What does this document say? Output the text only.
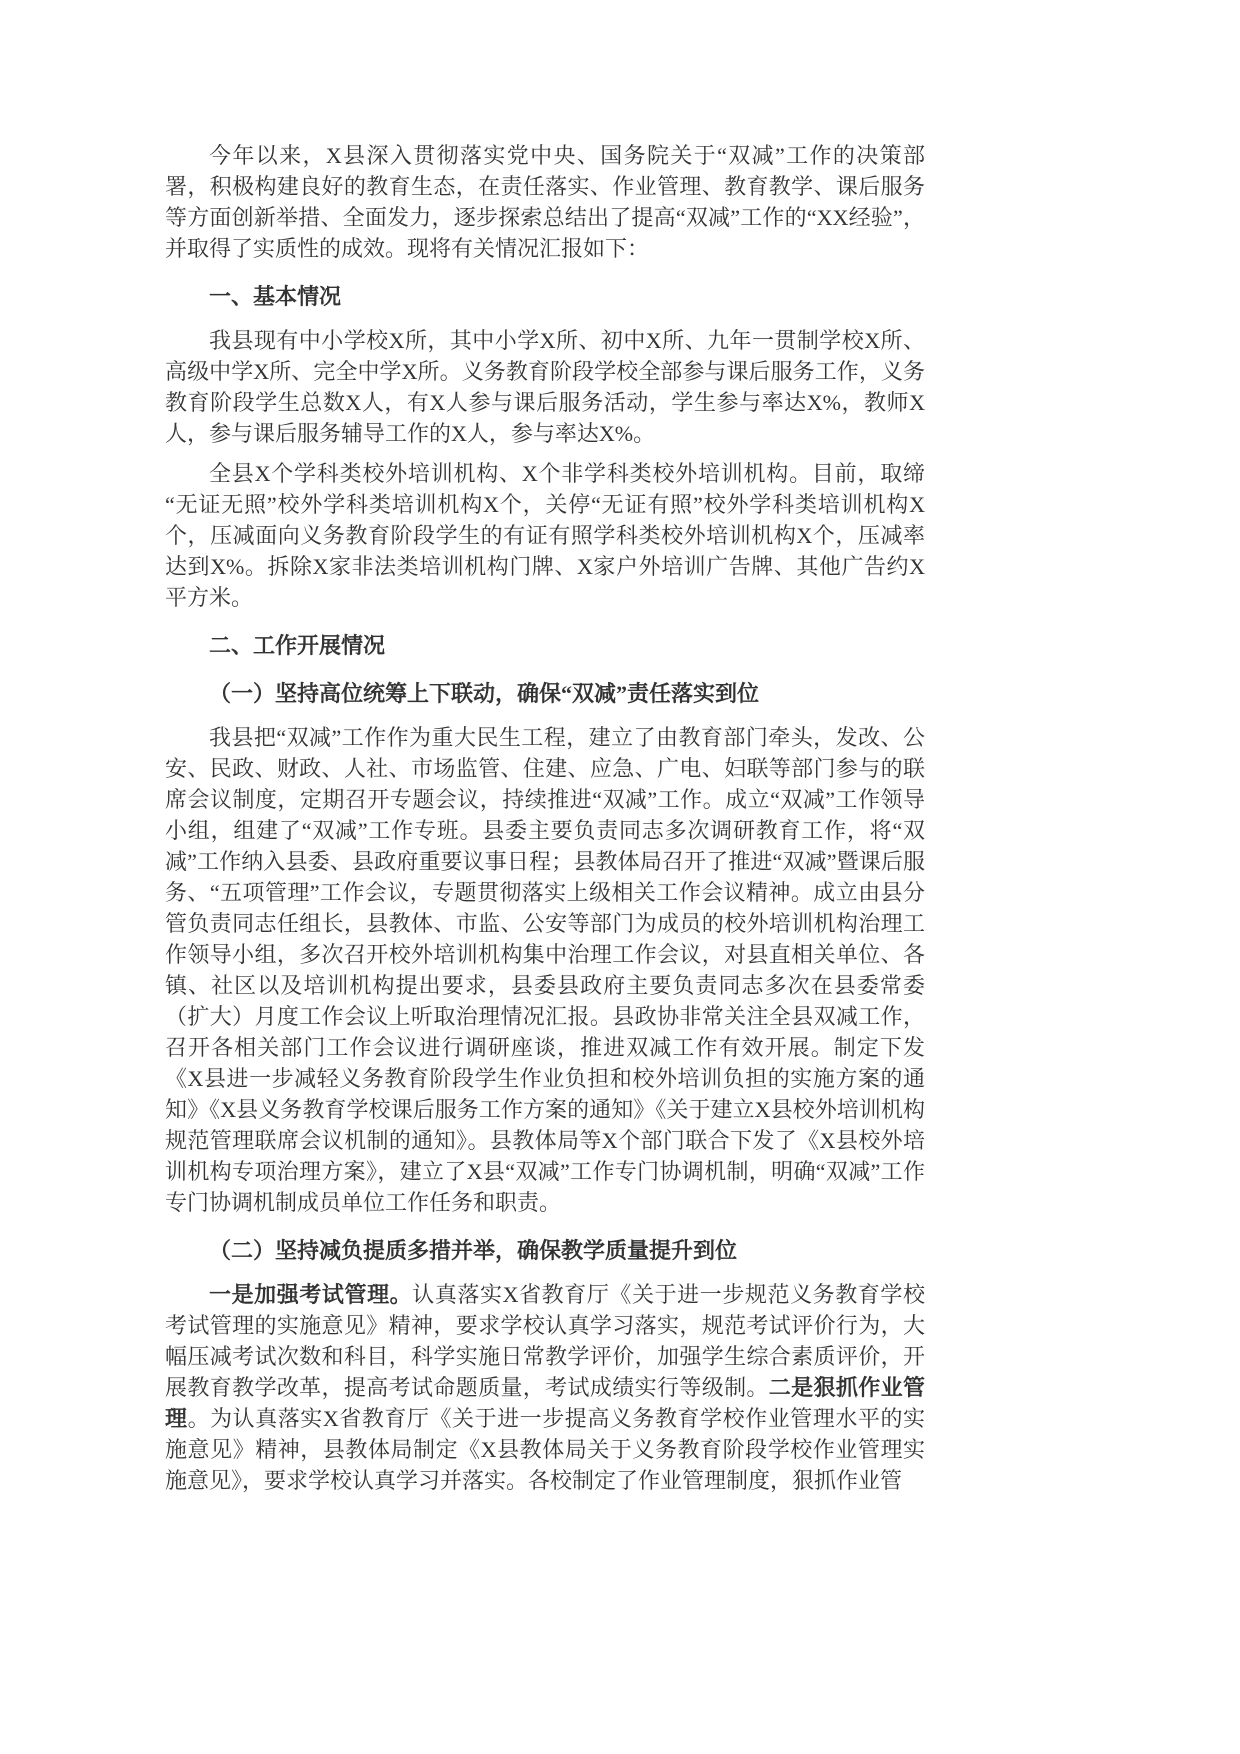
今年以来，X县深入贯彻落实党中央、国务院关于“双减”工作的决策部署，积极构建良好的教育生态，在责任落实、作业管理、教育教学、课后服务等方面创新举措、全面发力，逐步探索总结出了提高“双减”工作的“XX经验”，并取得了实质性的成效。现将有关情况汇报如下：

一、基本情况

我县现有中小学校X所，其中小学X所、初中X所、九年一贯制学校X所、高级中学X所、完全中学X所。义务教育阶段学校全部参与课后服务工作，义务教育阶段学生总数X人，有X人参与课后服务活动，学生参与率达X%，教师X人，参与课后服务辅导工作的X人，参与率达X%。

全县X个学科类校外培训机构、X个非学科类校外培训机构。目前，取缔“无证无照”校外学科类培训机构X个，关停“无证有照”校外学科类培训机构X个，压减面向义务教育阶段学生的有证有照学科类校外培训机构X个，压减率达到X%。拆除X家非法类培训机构门牌、X家户外培训广告牌、其他广告约X平方米。

二、工作开展情况

（一）坚持高位统筹上下联动，确保“双减”责任落实到位

我县把“双减”工作作为重大民生工程，建立了由教育部门牵头，发改、公安、民政、财政、人社、市场监管、住建、应急、广电、妇联等部门参与的联席会议制度，定期召开专题会议，持续推进“双减”工作。成立“双减”工作领导小组，组建了“双减”工作专班。县委主要负责同志多次调研教育工作，将“双减”工作纳入县委、县政府重要议事日程；县教体局召开了推进“双减”暨课后服务、“五项管理”工作会议，专题贯彻落实上级相关工作会议精神。成立由县分管负责同志任组长，县教体、市监、公安等部门为成员的校外培训机构治理工作领导小组，多次召开校外培训机构集中治理工作会议，对县直相关单位、各镇、社区以及培训机构提出要求，县委县政府主要负责同志多次在县委常委（扩大）月度工作会议上听取治理情况汇报。县政协非常关注全县双减工作，召开各相关部门工作会议进行调研座谈，推进双减工作有效开展。制定下发《X县进一步减轻义务教育阶段学生作业负担和校外培训负担的实施方案的通知》《X县义务教育学校课后服务工作方案的通知》《关于建立X县校外培训机构规范管理联席会议机制的通知》。县教体局等X个部门联合下发了《X县校外培训机构专项治理方案》，建立了X县“双减”工作专门协调机制，明确“双减”工作专门协调机制成员单位工作任务和职责。

（二）坚持减负提质多措并举，确保教学质量提升到位

一是加强考试管理。认真落实X省教育厅《关于进一步规范义务教育学校考试管理的实施意见》精神，要求学校认真学习落实，规范考试评价行为，大幅压减考试次数和科目，科学实施日常教学评价，加强学生综合素质评价，开展教育教学改革，提高考试命题质量，考试成绩实行等级制。二是狠抓作业管理。为认真落实X省教育厅《关于进一步提高义务教育学校作业管理水平的实施意见》精神，县教体局制定《X县教体局关于义务教育阶段学校作业管理实施意见》，要求学校认真学习并落实。各校制定了作业管理制度，狠抓作业管
